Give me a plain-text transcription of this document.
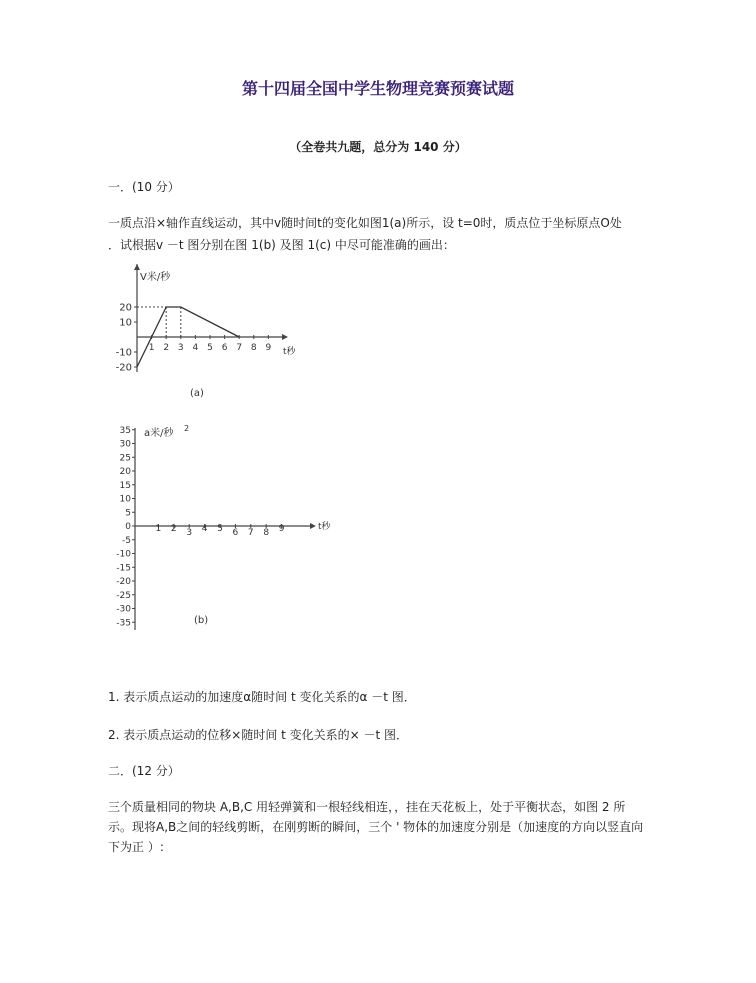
第十四届全国中学生物理竞赛预赛试题
（全卷共九题，总分为 140 分）
一．(10 分）
一质点沿×轴作直线运动，其中v随时间t的变化如图1(a)所示，设 t=0时，质点位于坐标原点O处
．试根据v －t 图分别在图 1(b) 及图 1(c) 中尽可能准确的画出：
V米/秒
t秒
20
10
-10
-20
1 2 3 4 5 6 7 8 9
(a)
a米/秒 2
t秒
35
30
25
20
15
10
5
0
-5
-10
-15
-20
-25
-30
-35
1 2 3 4 5 6 7 8 9
(b)
1. 表示质点运动的加速度α随时间 t 变化关系的α －t 图．
2. 表示质点运动的位移×随时间 t 变化关系的× －t 图．
二．(12 分）
三个质量相同的物块 A,B,C 用轻弹簧和一根轻线相连，，挂在天花板上，处于平衡状态，如图 2 所
示。现将A,B之间的轻线剪断，在刚剪断的瞬间，三个 ' 物体的加速度分别是（加速度的方向以竖直向
下为正 ）:
